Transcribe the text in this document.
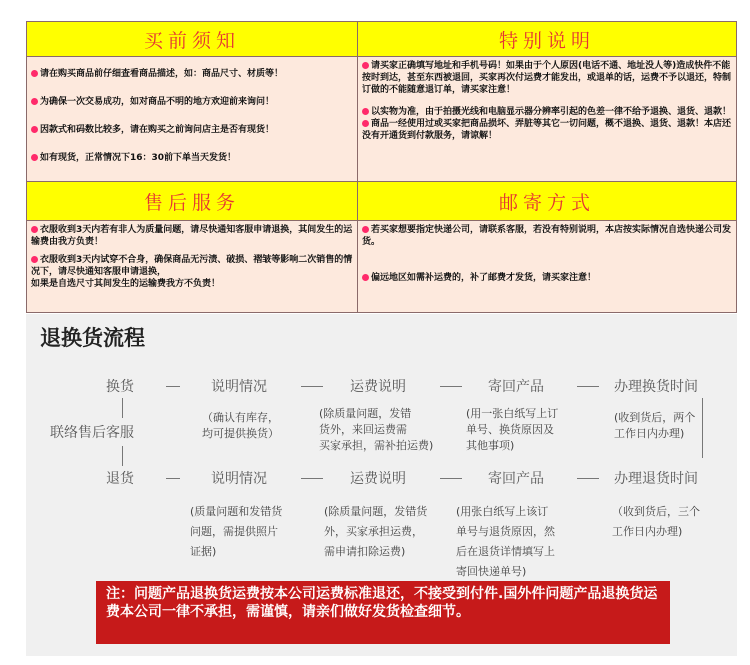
买前须知	特别说明

请在购买商品前仔细查看商品描述，如：商品尺寸、材质等！

为确保一次交易成功，如对商品不明的地方欢迎前来询问！

因款式和码数比较多，请在购买之前询问店主是否有现货！

如有现货，正常情况下16：30前下单当天发货！

请买家正确填写地址和手机号码！如果由于个人原因(电话不通、地址没人等)造成快件不能按时到达，甚至东西被退回，买家再次付运费才能发出，或退单的话，运费不予以退还，特制订做的不能随意退订单，请买家注意！

以实物为准，由于拍摄光线和电脑显示器分辨率引起的色差一律不给予退换、退货、退款！

商品一经使用过或买家把商品损坏、弄脏等其它一切问题，概不退换、退货、退款！本店还没有开通货到付款服务，请谅解！

售后服务	邮寄方式

衣服收到3天内若有非人为质量问题，请尽快通知客服申请退换，其间发生的运输费由我方负责！

衣服收到3天内试穿不合身，确保商品无污渍、破损、褶皱等影响二次销售的情况下，请尽快通知客服申请退换，

如果是自选尺寸其间发生的运输费我方不负责！

若买家想要指定快递公司，请联系客服，若没有特别说明，本店按实际情况自选快递公司发货。

偏远地区如需补运费的，补了邮费才发货，请买家注意！

退换货流程
换货	说明情况	运费说明	寄回产品	办理换货时间
联络售后客服
（确认有库存，
均可提供换货）
(除质量问题，发错
货外，来回运费需
买家承担，需补拍运费)
(用一张白纸写上订
单号、换货原因及
其他事项)
(收到货后，两个
工作日内办理)
退货	说明情况	运费说明	寄回产品	办理退货时间
(质量问题和发错货
问题，需提供照片
证据)
(除质量问题，发错货
外，买家承担运费，
需申请扣除运费)
(用张白纸写上该订
单号与退货原因，然
后在退货详情填写上
寄回快递单号)
（收到货后，三个
工作日内办理)
注：问题产品退换货运费按本公司运费标准退还，不接受到付件.国外件问题产品退换货运费本公司一律不承担，需谨慎，请亲们做好发货检查细节。
